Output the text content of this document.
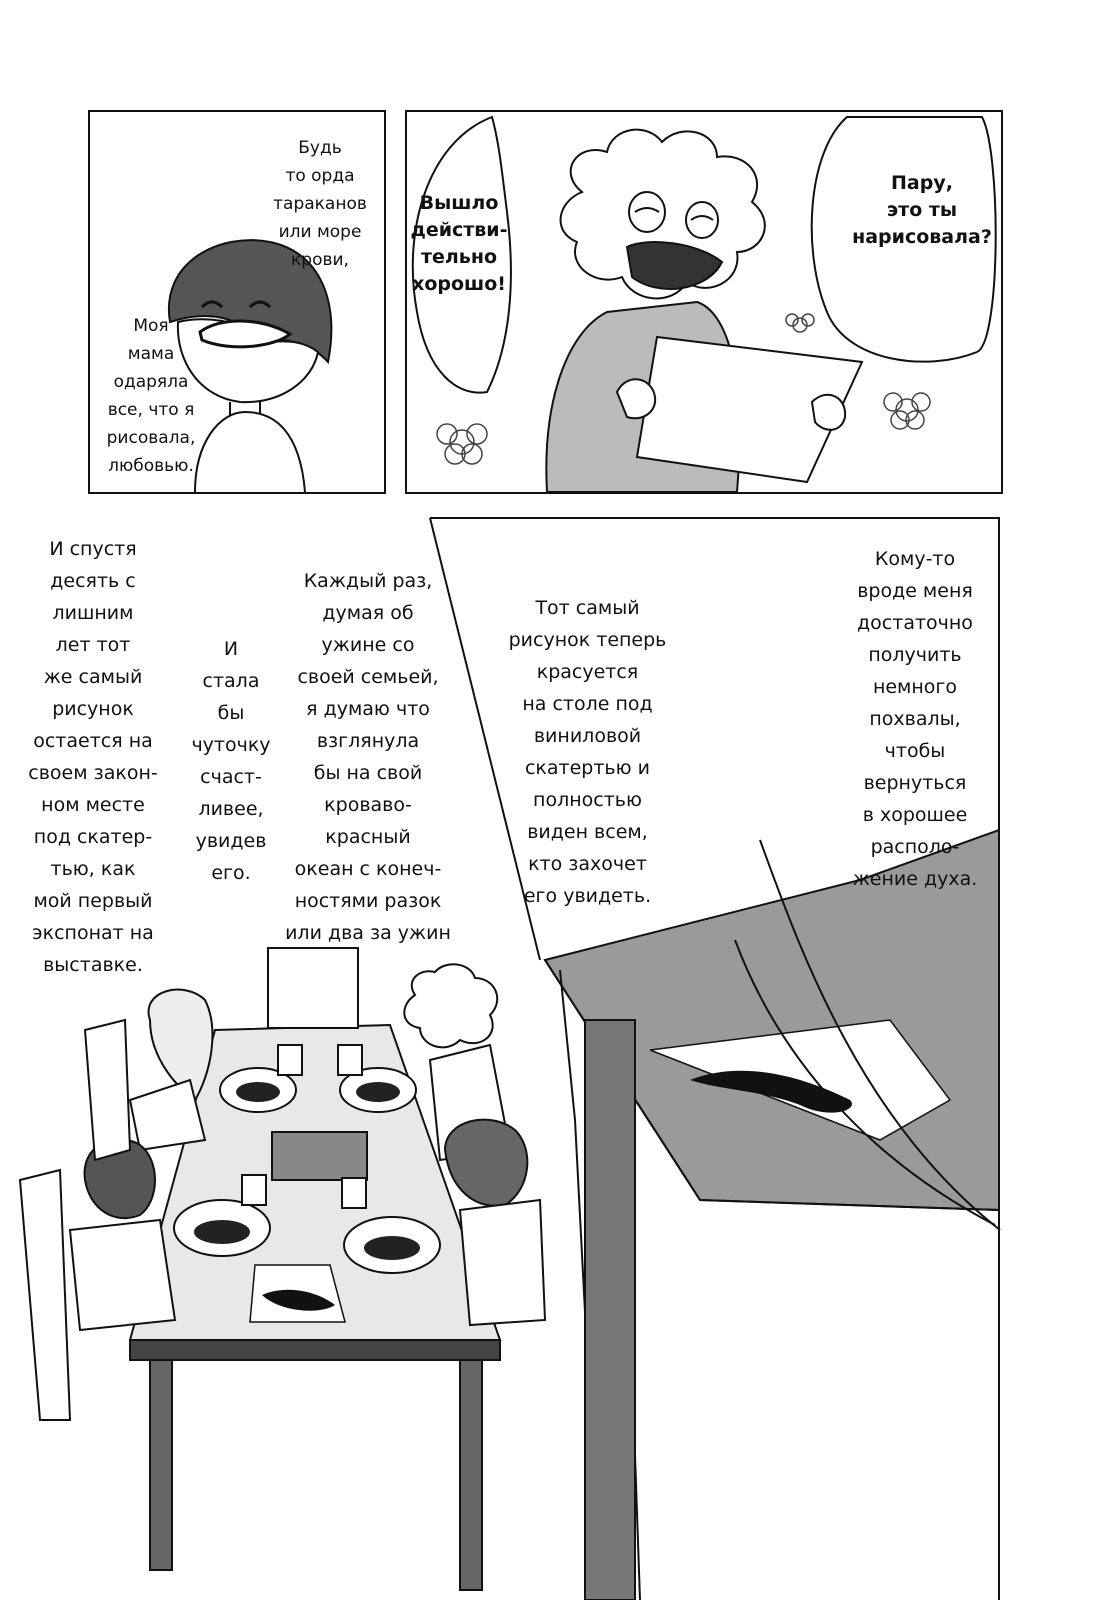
Будь
то орда
тараканов
или море
крови,
Моя
мама
одаряла
все, что я
рисовала,
любовью.
Вышло
действи-
тельно
хорошо!
Пару,
это ты
нарисовала?
И спустя
десять с
лишним
лет тот
же самый
рисунок
остается на
своем закон-
ном месте
под скатер-
тью, как
мой первый
экспонат на
выставке.
И
стала
бы
чуточку
счаст-
ливее,
увидев
его.
Каждый раз,
думая об
ужине со
своей семьей,
я думаю что
взглянула
бы на свой
кроваво-красный
океан с конеч-
ностями разок
или два за ужин
Тот самый
рисунок теперь
красуется
на столе под
виниловой
скатертью и
полностью
виден всем,
кто захочет
его увидеть.
Кому-то
вроде меня
достаточно
получить
немного
похвалы,
чтобы
вернуться
в хорошее
располо-
жение духа.
